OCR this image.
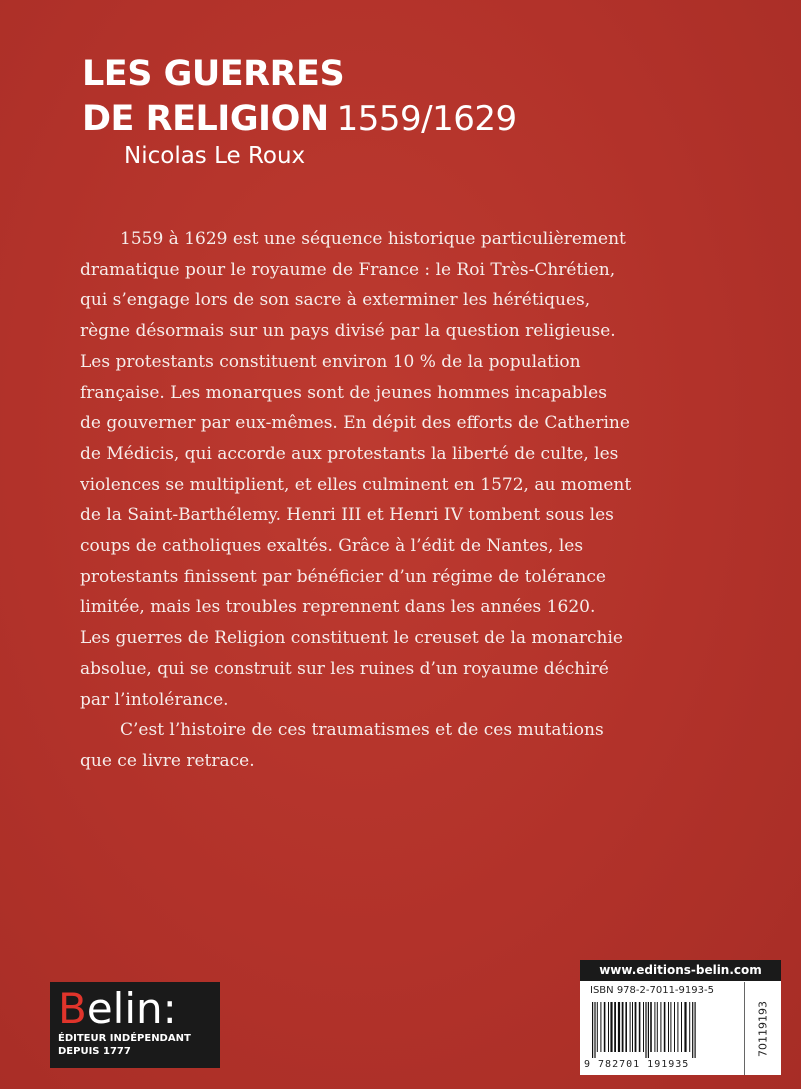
LES GUERRES
DE RELIGION 1559/1629
Nicolas Le Roux

1559 à 1629 est une séquence historique particulièrement
dramatique pour le royaume de France : le Roi Très-Chrétien,
qui s’engage lors de son sacre à exterminer les hérétiques,
règne désormais sur un pays divisé par la question religieuse.
Les protestants constituent environ 10 % de la population
française. Les monarques sont de jeunes hommes incapables
de gouverner par eux-mêmes. En dépit des efforts de Catherine
de Médicis, qui accorde aux protestants la liberté de culte, les
violences se multiplient, et elles culminent en 1572, au moment
de la Saint-Barthélemy. Henri III et Henri IV tombent sous les
coups de catholiques exaltés. Grâce à l’édit de Nantes, les
protestants finissent par bénéficier d’un régime de tolérance
limitée, mais les troubles reprennent dans les années 1620.
Les guerres de Religion constituent le creuset de la monarchie
absolue, qui se construit sur les ruines d’un royaume déchiré
par l’intolérance.

C’est l’histoire de ces traumatismes et de ces mutations
que ce livre retrace.

Belin:
ÉDITEUR INDÉPENDANT
DEPUIS 1777
www.editions-belin.com
ISBN 978-2-7011-9193-5
9 782701 191935
70119193
